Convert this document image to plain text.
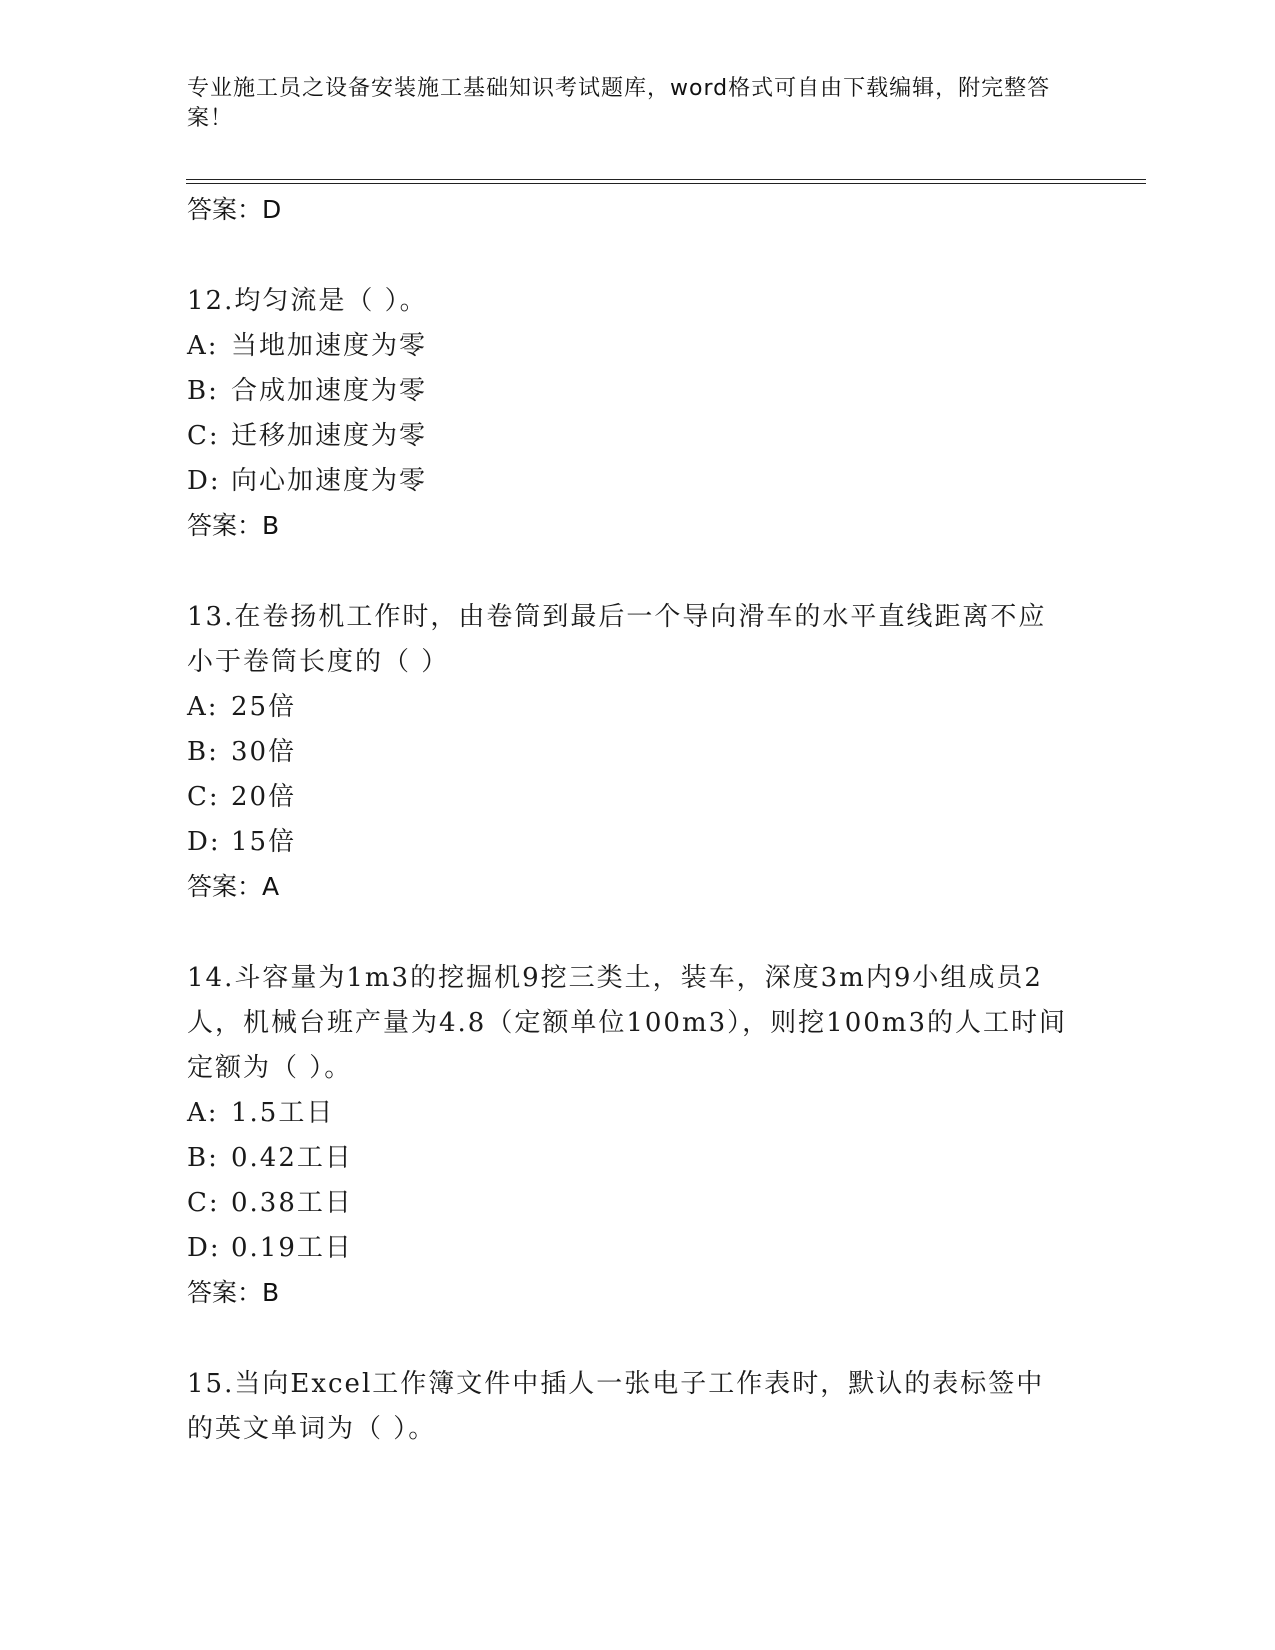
专业施工员之设备安装施工基础知识考试题库，word格式可自由下载编辑，附完整答案！
答案：D
12.均匀流是（ ）。
A: 当地加速度为零
B: 合成加速度为零
C: 迁移加速度为零
D: 向心加速度为零
答案：B
13.在卷扬机工作时，由卷筒到最后一个导向滑车的水平直线距离不应小于卷筒长度的（ ）
A: 25倍
B: 30倍
C: 20倍
D: 15倍
答案：A
14.斗容量为1m3的挖掘机9挖三类土，装车，深度3m内9小组成员2人，机械台班产量为4.8（定额单位100m3），则挖100m3的人工时间定额为（ ）。
A: 1.5工日
B: 0.42工日
C: 0.38工日
D: 0.19工日
答案：B
15.当向Excel工作簿文件中插人一张电子工作表时，默认的表标签中的英文单词为（ ）。
